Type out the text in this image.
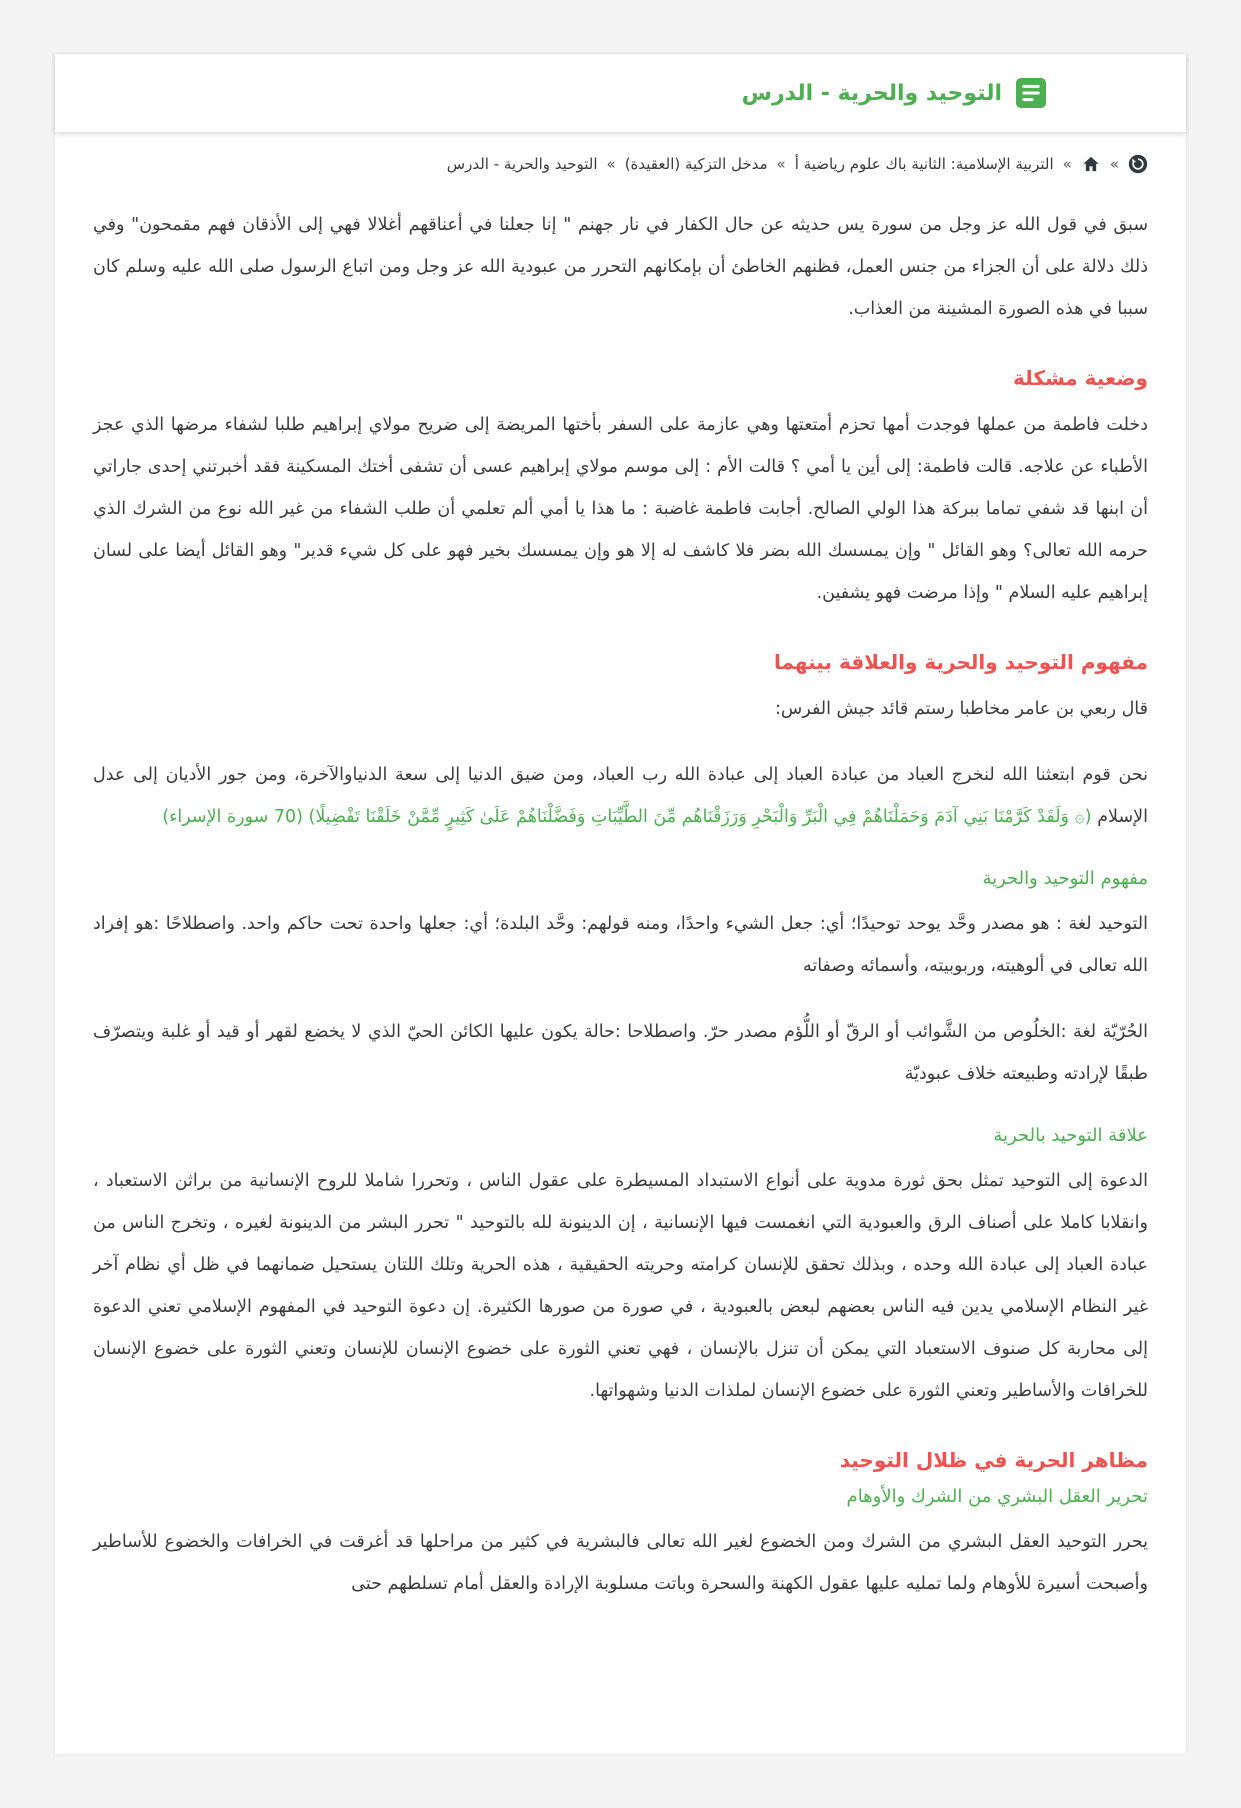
التوحيد والحرية - الدرس
»
»
التربية الإسلامية: الثانية باك علوم رياضية أ
»
مدخل التزكية (العقيدة)
»
التوحيد والحرية - الدرس

سبق في قول الله عز وجل من سورة يس حديثه عن حال الكفار في نار جهنم " إنا جعلنا في أعناقهم أغلالا فهي إلى الأذقان فهم مقمحون" وفي ذلك دلالة على أن الجزاء من جنس العمل، فظنهم الخاطئ أن بإمكانهم التحرر من عبودية الله عز وجل ومن اتباع الرسول صلى الله عليه وسلم كان سببا في هذه الصورة المشينة من العذاب.

وضعية مشكلة

دخلت فاطمة من عملها فوجدت أمها تحزم أمتعتها وهي عازمة على السفر بأختها المريضة إلى ضريح مولاي إبراهيم طلبا لشفاء مرضها الذي عجز الأطباء عن علاجه. قالت فاطمة: إلى أين يا أمي ؟ قالت الأم : إلى موسم مولاي إبراهيم عسى أن تشفى أختك المسكينة فقد أخبرتني إحدى جاراتي أن ابنها قد شفي تماما ببركة هذا الولي الصالح. أجابت فاطمة غاضبة : ما هذا يا أمي ألم تعلمي أن طلب الشفاء من غير الله نوع من الشرك الذي حرمه الله تعالى؟ وهو القائل " وإن يمسسك الله بضر فلا كاشف له إلا هو وإن يمسسك بخير فهو على كل شيء قدير" وهو القائل أيضا على لسان إبراهيم عليه السلام " وإذا مرضت فهو يشفين.

مفهوم التوحيد والحرية والعلاقة بينهما

قال ربعي بن عامر مخاطبا رستم قائد جيش الفرس:

نحن قوم ابتعثنا الله لنخرج العباد من عبادة العباد إلى عبادة الله رب العباد، ومن ضيق الدنيا إلى سعة الدنياوالآخرة، ومن جور الأديان إلى عدل الإسلام (۞ وَلَقَدْ كَرَّمْنَا بَنِي آدَمَ وَحَمَلْنَاهُمْ فِي الْبَرِّ وَالْبَحْرِ وَرَزَقْنَاهُم مِّنَ الطَّيِّبَاتِ وَفَضَّلْنَاهُمْ عَلَىٰ كَثِيرٍ مِّمَّنْ خَلَقْنَا تَفْضِيلًا) (70 سورة الإسراء)

مفهوم التوحيد والحرية

التوحيد لغة : هو مصدر وحَّد يوحد توحيدًا؛ أي: جعل الشيء واحدًا، ومنه قولهم: وحَّد البلدة؛ أي: جعلها واحدة تحت حاكم واحد. واصطلاحًا :هو إفراد الله تعالى في ألوهيته، وربوبيته، وأسمائه وصفاته

الحُرّيّة لغة :الخلُوص من الشَّوائب أو الرقّ أو اللُّؤم مصدر حرّ. واصطلاحا :حالة يكون عليها الكائن الحيّ الذي لا يخضع لقهر أو قيد أو غلبة ويتصرّف طبقًا لإرادته وطبيعته خلاف عبوديّة

علاقة التوحيد بالحرية

الدعوة إلى التوحيد تمثل بحق ثورة مدوية على أنواع الاستبداد المسيطرة على عقول الناس ، وتحررا شاملا للروح الإنسانية من براثن الاستعباد ، وانقلابا كاملا على أصناف الرق والعبودية التي انغمست فيها الإنسانية ، إن الدينونة لله بالتوحيد " تحرر البشر من الدينونة لغيره ، وتخرج الناس من عبادة العباد إلى عبادة الله وحده ، وبذلك تحقق للإنسان كرامته وحريته الحقيقية ، هذه الحرية وتلك اللتان يستحيل ضمانهما في ظل أي نظام آخر غير النظام الإسلامي يدين فيه الناس بعضهم لبعض بالعبودية ، في صورة من صورها الكثيرة. إن دعوة التوحيد في المفهوم الإسلامي تعني الدعوة إلى محاربة كل صنوف الاستعباد التي يمكن أن تنزل بالإنسان ، فهي تعني الثورة على خضوع الإنسان للإنسان وتعني الثورة على خضوع الإنسان للخرافات والأساطير وتعني الثورة على خضوع الإنسان لملذات الدنيا وشهواتها.

مظاهر الحرية في ظلال التوحيد
تحرير العقل البشري من الشرك والأوهام

يحرر التوحيد العقل البشري من الشرك ومن الخضوع لغير الله تعالى فالبشرية في كثير من مراحلها قد أغرقت في الخرافات والخضوع للأساطير وأصبحت أسيرة للأوهام ولما تمليه عليها عقول الكهنة والسحرة وباتت مسلوبة الإرادة والعقل أمام تسلطهم حتى
